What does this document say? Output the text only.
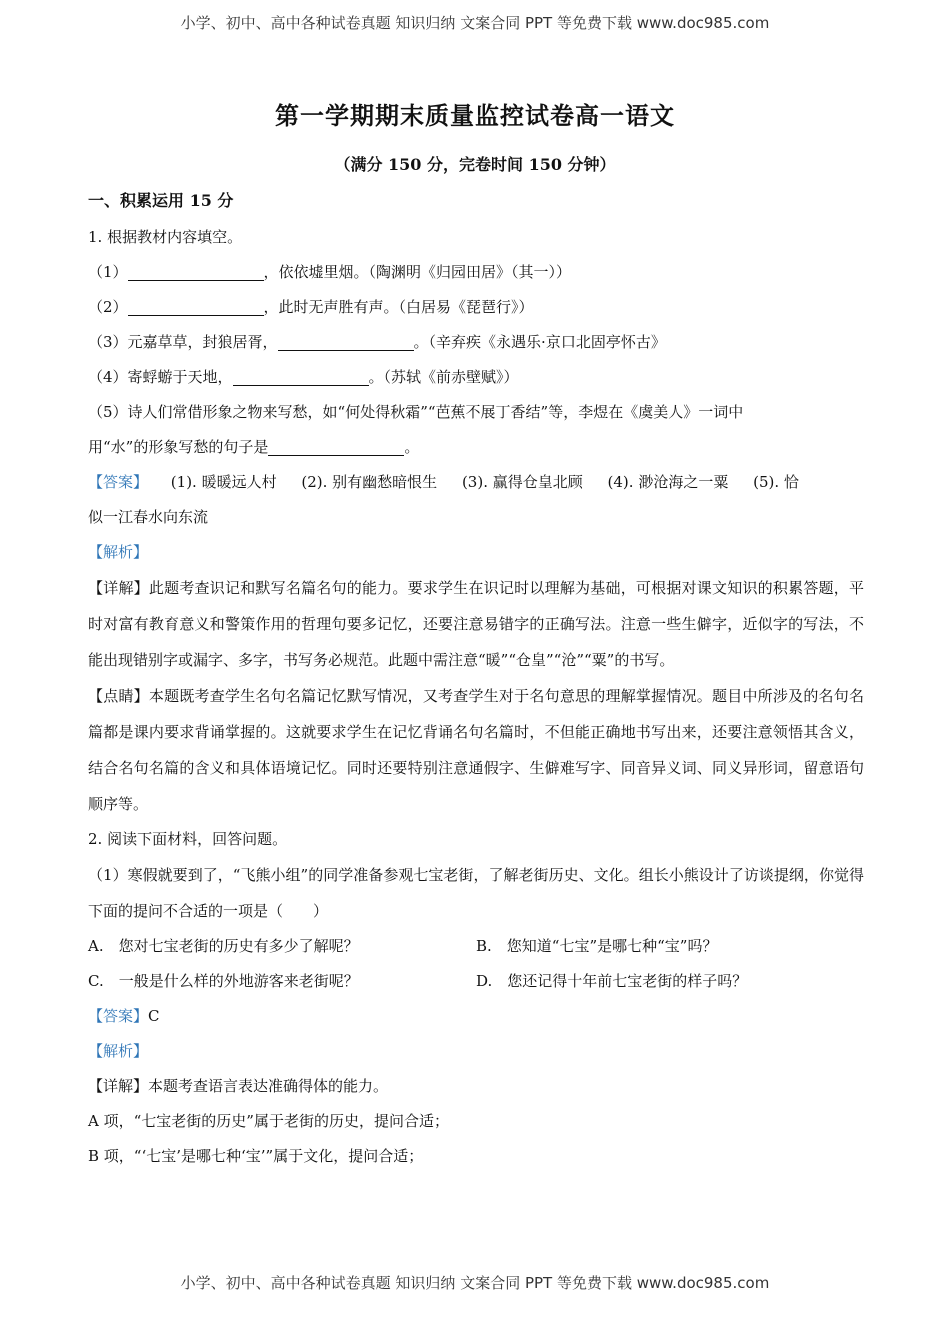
小学、初中、高中各种试卷真题 知识归纳 文案合同 PPT 等免费下载 www.doc985.com
第一学期期末质量监控试卷高一语文
（满分 150 分，完卷时间 150 分钟）
一、积累运用 15 分
1. 根据教材内容填空。
（1）	，依依墟里烟。（陶渊明《归园田居》（其一））
（2）	，此时无声胜有声。（白居易《琵琶行》）
（3）元嘉草草，封狼居胥，	。（辛弃疾《永遇乐·京口北固亭怀古》
（4）寄蜉蝣于天地，	。（苏轼《前赤壁赋》）
（5）诗人们常借形象之物来写愁，如“何处得秋霜”“芭蕉不展丁香结”等，李煜在《虞美人》一词中
用“水”的形象写愁的句子是	。
【答案】 (1). 暖暖远人村 (2). 别有幽愁暗恨生 (3). 赢得仓皇北顾 (4). 渺沧海之一粟 (5). 恰
似一江春水向东流
【解析】
【详解】此题考查识记和默写名篇名句的能力。要求学生在识记时以理解为基础，可根据对课文知识的积累答题，平时对富有教育意义和警策作用的哲理句要多记忆，还要注意易错字的正确写法。注意一些生僻字，近似字的写法，不能出现错别字或漏字、多字，书写务必规范。此题中需注意“暖”“仓皇”“沧”“粟”的书写。
【点睛】本题既考查学生名句名篇记忆默写情况，又考查学生对于名句意思的理解掌握情况。题目中所涉及的名句名篇都是课内要求背诵掌握的。这就要求学生在记忆背诵名句名篇时，不但能正确地书写出来，还要注意领悟其含义，结合名句名篇的含义和具体语境记忆。同时还要特别注意通假字、生僻难写字、同音异义词、同义异形词，留意语句顺序等。
2. 阅读下面材料，回答问题。
（1）寒假就要到了，“飞熊小组”的同学准备参观七宝老街，了解老街历史、文化。组长小熊设计了访谈提纲，你觉得下面的提问不合适的一项是（　　）
A.　您对七宝老街的历史有多少了解呢？	B.　您知道“七宝”是哪七种“宝”吗？
C.　一般是什么样的外地游客来老街呢？	D.　您还记得十年前七宝老街的样子吗？
【答案】C
【解析】
【详解】本题考查语言表达准确得体的能力。
A 项，“七宝老街的历史”属于老街的历史，提问合适；
B 项，“‘七宝’是哪七种‘宝’”属于文化，提问合适；
小学、初中、高中各种试卷真题 知识归纳 文案合同 PPT 等免费下载 www.doc985.com
